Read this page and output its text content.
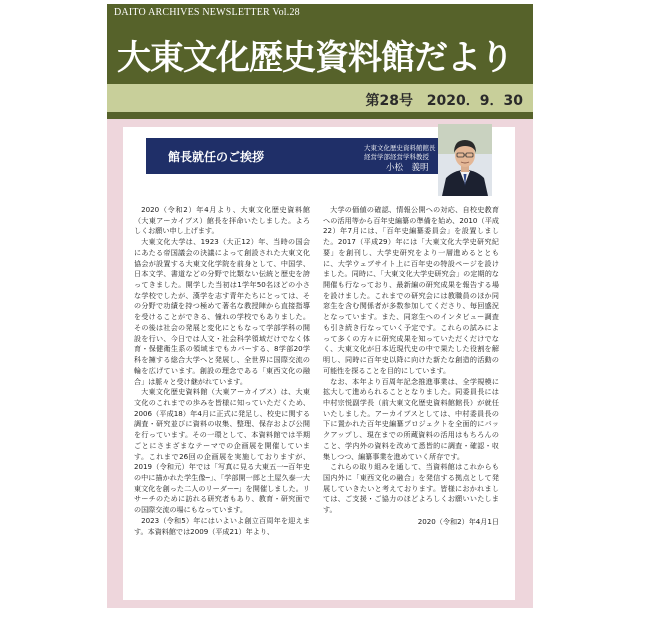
DAITO ARCHIVES NEWSLETTER Vol.28
大東文化歴史資料館だより
第28号 2020．9．30
館長就任のご挨拶
大東文化歴史資料館館長
経営学部経営学科教授
小松　義明

2020（令和2）年4月より、大東文化歴史資料館（大東アーカイブス）館長を拝命いたしました。よろしくお願い申し上げます。

大東文化大学は、1923（大正12）年、当時の国会にあたる帝国議会の決議によって創設された大東文化協会が設置する大東文化学院を前身として、中国学、日本文学、書道などの分野で比類ない伝統と歴史を誇ってきました。開学した当初は1学年50名ほどの小さな学校でしたが、漢学を志す青年たちにとっては、その分野で功績を持つ極めて著名な教授陣から直接指導を受けることができる、憧れの学校でもありました。その後は社会の発展と変化にともなって学部学科の開設を行い、今日では人文・社会科学領域だけでなく体育・保健衛生系の領域までもカバーする、8学部20学科を擁する総合大学へと発展し、全世界に国際交流の輪を広げています。創設の理念である「東西文化の融合」は脈々と受け継がれています。

大東文化歴史資料館（大東アーカイブス）は、大東文化のこれまでの歩みを皆様に知っていただくため、2006（平成18）年4月に正式に発足し、校史に関する調査・研究並びに資料の収集、整理、保存および公開を行っています。その一環として、本資料館では半期ごとにさまざまなテーマでの企画展を開催しています。これまで26回の企画展を実施しておりますが、2019（令和元）年では「写真に見る大東五一─百年史の中に描かれた学生像─」、「学部開一郎と土屋久泰一大東文化を創った二人のリーダー─」を開催しました。リサーチのために訪れる研究者もあり、教育・研究面での国際交流の場にもなっています。

2023（令和5）年にはいよいよ創立百周年を迎えます。本資料館では2009（平成21）年より、

大学の価値の確認、情報公開への対応、自校史教育への活用等から百年史編纂の準備を始め、2010（平成22）年7月には、「百年史編纂委員会」を設置しました。2017（平成29）年には「大東文化大学史研究紀要」を創刊し、大学史研究をより一層進めるとともに、大学ウェブサイト上に百年史の特設ページを設けました。同時に、「大東文化大学史研究会」の定期的な開催も行なっており、最新編の研究成果を報告する場を設けました。これまでの研究会には教職員のほか同窓生を含む関係者が多数参加してくださり、毎回盛況となっています。また、同窓生へのインタビュー調査も引き続き行なっていく予定です。これらの試みによって多くの方々に研究成果を知っていただくだけでなく、大東文化が日本近現代史の中で果たした役割を解明し、同時に百年史以降に向けた新たな創造的活動の可能性を探ることを目的にしています。

なお、本年より百周年記念推進事業は、全学規模に拡大して進められることとなりました。同委員長には中村宗悦副学長（前大東文化歴史資料館館長）が就任いたしました。アーカイブスとしては、中村委員長の下に置かれた百年史編纂プロジェクトを全面的にバックアップし、現在までの所蔵資料の活用はもちろんのこと、学内外の資料を改めて悉皆的に調査・確認・収集しつつ、編纂事業を進めていく所存です。

これらの取り組みを通して、当資料館はこれからも国内外に「東西文化の融合」を発信する拠点として発展していきたいと考えております。皆様におかれましては、ご支援・ご協力のほどよろしくお願いいたします。

2020（令和2）年4月1日
